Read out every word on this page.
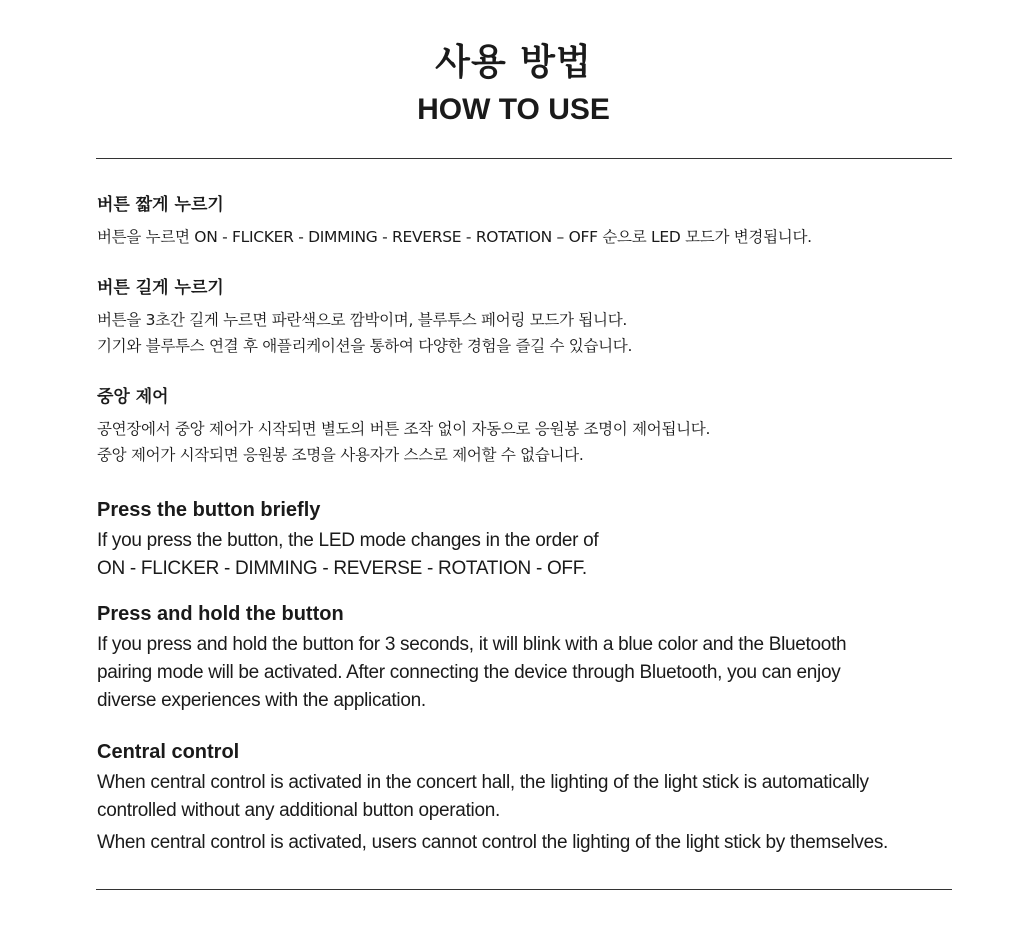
사용 방법
HOW TO USE
버튼 짧게 누르기
버튼을 누르면 ON - FLICKER - DIMMING - REVERSE - ROTATION – OFF 순으로 LED 모드가 변경됩니다.
버튼 길게 누르기
버튼을 3초간 길게 누르면 파란색으로 깜박이며, 블루투스 페어링 모드가 됩니다.
기기와 블루투스 연결 후 애플리케이션을 통하여 다양한 경험을 즐길 수 있습니다.
중앙 제어
공연장에서 중앙 제어가 시작되면 별도의 버튼 조작 없이 자동으로 응원봉 조명이 제어됩니다.
중앙 제어가 시작되면 응원봉 조명을 사용자가 스스로 제어할 수 없습니다.
Press the button briefly
If you press the button, the LED mode changes in the order of
ON - FLICKER - DIMMING - REVERSE - ROTATION - OFF.
Press and hold the button
If you press and hold the button for 3 seconds, it will blink with a blue color and the Bluetooth
pairing mode will be activated. After connecting the device through Bluetooth, you can enjoy
diverse experiences with the application.
Central control
When central control is activated in the concert hall, the lighting of the light stick is automatically
controlled without any additional button operation.
When central control is activated, users cannot control the lighting of the light stick by themselves.
